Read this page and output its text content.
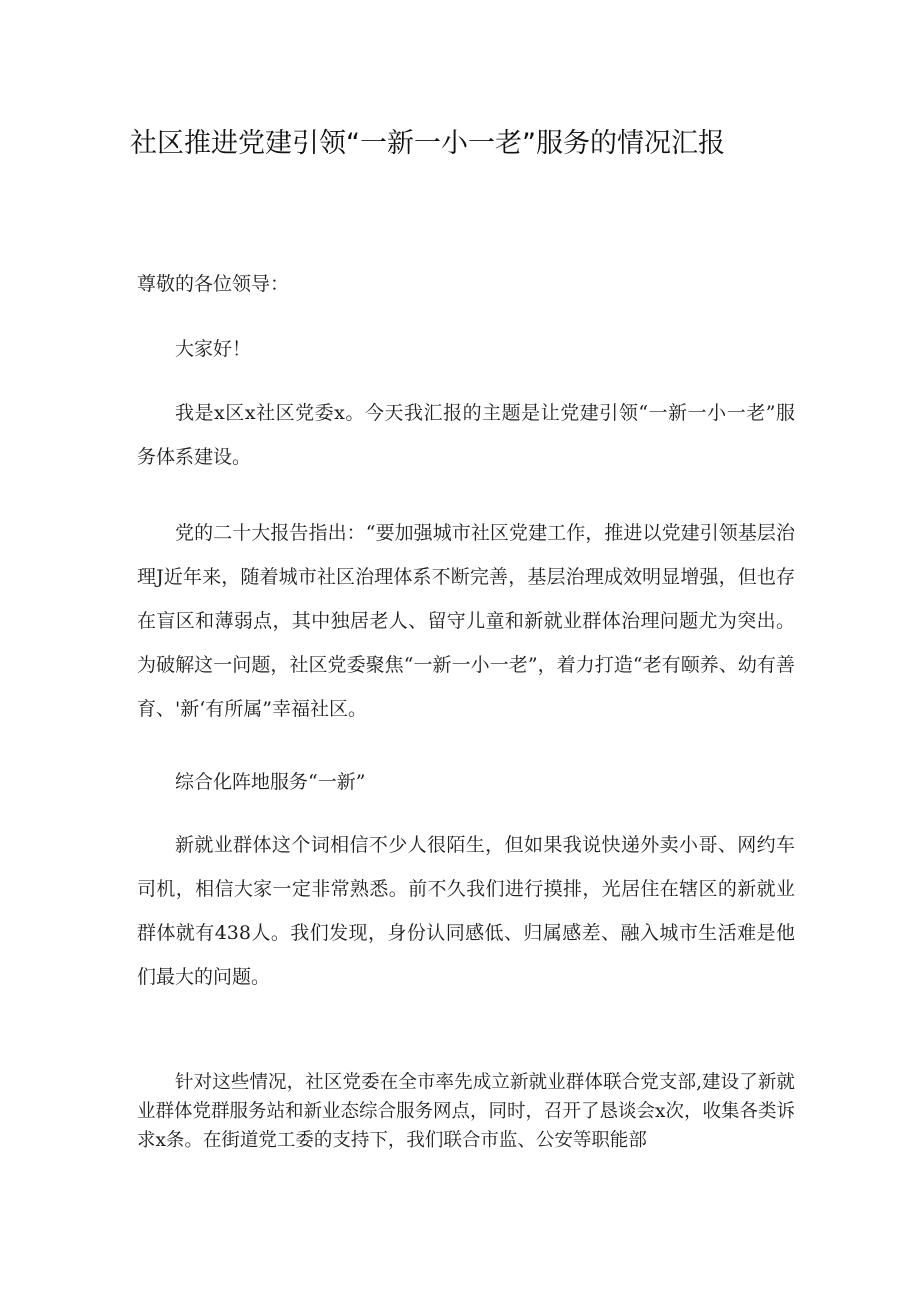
社区推进党建引领“一新一小一老”服务的情况汇报
尊敬的各位领导：
大家好！
我是x区x社区党委x。今天我汇报的主题是让党建引领“一新一小一老”服务体系建设。
党的二十大报告指出：“要加强城市社区党建工作，推进以党建引领基层治理J近年来，随着城市社区治理体系不断完善，基层治理成效明显增强，但也存在盲区和薄弱点，其中独居老人、留守儿童和新就业群体治理问题尤为突出。为破解这一问题，社区党委聚焦“一新一小一老”，着力打造“老有颐养、幼有善育、'新‘有所属”幸福社区。
综合化阵地服务“一新”
新就业群体这个词相信不少人很陌生，但如果我说快递外卖小哥、网约车司机，相信大家一定非常熟悉。前不久我们进行摸排，光居住在辖区的新就业群体就有438人。我们发现，身份认同感低、归属感差、融入城市生活难是他们最大的问题。
针对这些情况，社区党委在全市率先成立新就业群体联合党支部,建设了新就业群体党群服务站和新业态综合服务网点，同时，召开了恳谈会x次，收集各类诉求x条。在街道党工委的支持下，我们联合市监、公安等职能部
